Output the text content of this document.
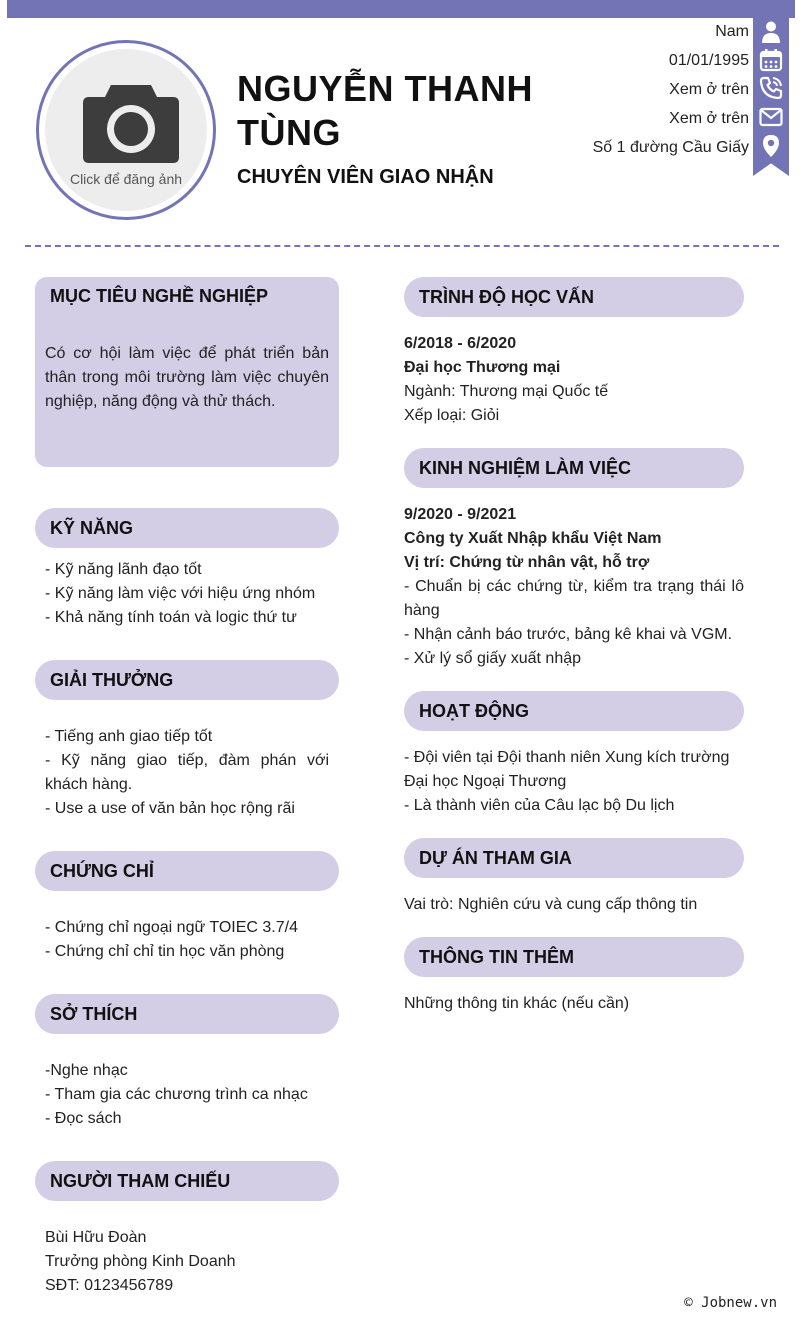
Click để đăng ảnh
NGUYỄN THANH TÙNG
CHUYÊN VIÊN GIAO NHẬN
Nam
01/01/1995
Xem ở trên
Xem ở trên
Số 1 đường Cầu Giấy
MỤC TIÊU NGHỀ NGHIỆP
Có cơ hội làm việc để phát triển bản thân trong môi trường làm việc chuyên nghiệp, năng động và thử thách.
KỸ NĂNG
- Kỹ năng lãnh đạo tốt
- Kỹ năng làm việc với hiệu ứng nhóm
- Khả năng tính toán và logic thứ tư
GIẢI THƯỞNG
- Tiếng anh giao tiếp tốt
- Kỹ năng giao tiếp, đàm phán với khách hàng.
- Use a use of văn bản học rộng rãi
CHỨNG CHỈ
- Chứng chỉ ngoại ngữ TOIEC 3.7/4
- Chứng chỉ chỉ tin học văn phòng
SỞ THÍCH
-Nghe nhạc
- Tham gia các chương trình ca nhạc
- Đọc sách
NGƯỜI THAM CHIẾU
Bùi Hữu Đoàn
Trưởng phòng Kinh Doanh
SĐT: 0123456789
TRÌNH ĐỘ HỌC VẤN
6/2018 - 6/2020
Đại học Thương mại
Ngành: Thương mại Quốc tế
Xếp loại: Giỏi
KINH NGHIỆM LÀM VIỆC
9/2020 - 9/2021
Công ty Xuất Nhập khẩu Việt Nam
Vị trí: Chứng từ nhân vật, hỗ trợ
- Chuẩn bị các chứng từ, kiểm tra trạng thái lô hàng
- Nhận cảnh báo trước, bảng kê khai và VGM.
- Xử lý sổ giấy xuất nhập
HOẠT ĐỘNG
- Đội viên tại Đội thanh niên Xung kích trường Đại học Ngoại Thương
- Là thành viên của Câu lạc bộ Du lịch
DỰ ÁN THAM GIA
Vai trò: Nghiên cứu và cung cấp thông tin
THÔNG TIN THÊM
Những thông tin khác (nếu cần)
© Jobnew.vn
